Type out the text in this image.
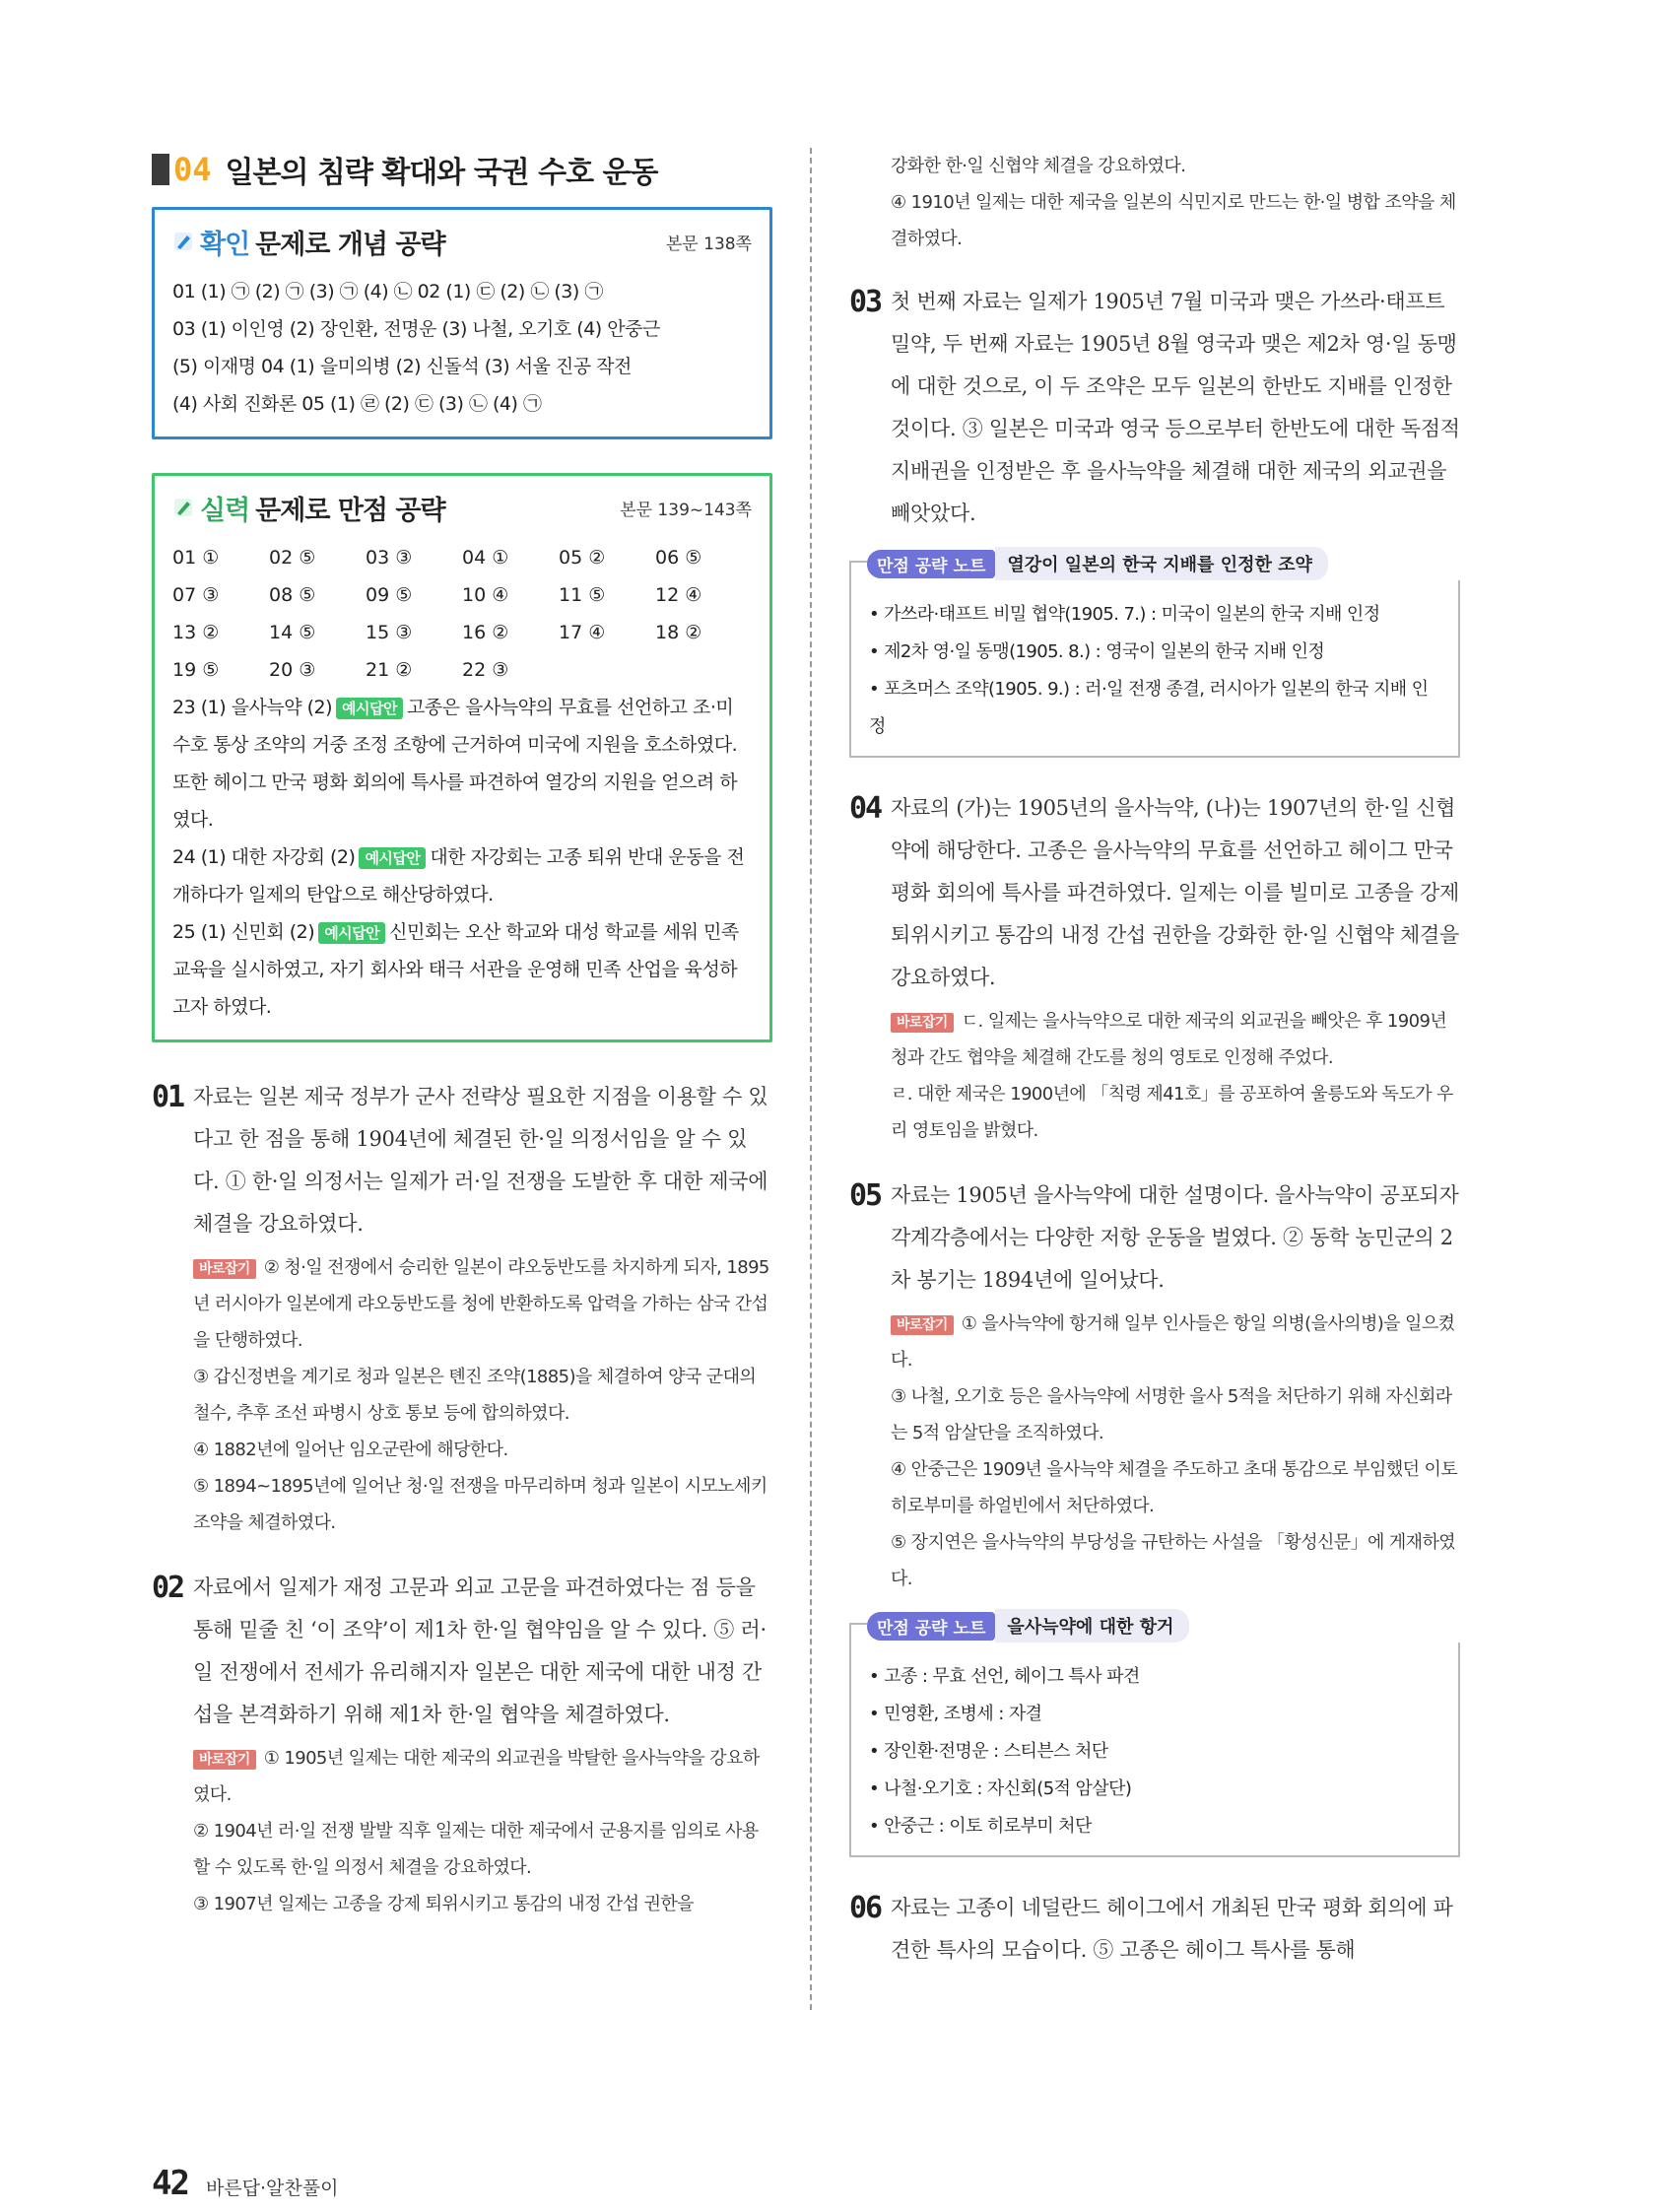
04 일본의 침략 확대와 국권 수호 운동
확인 문제로 개념 공략	본문 138쪽
01 (1) ㉠ (2) ㉠ (3) ㉠ (4) ㉡ 02 (1) ㉢ (2) ㉡ (3) ㉠
03 (1) 이인영 (2) 장인환, 전명운 (3) 나철, 오기호 (4) 안중근
(5) 이재명 04 (1) 을미의병 (2) 신돌석 (3) 서울 진공 작전
(4) 사회 진화론 05 (1) ㉣ (2) ㉢ (3) ㉡ (4) ㉠
실력 문제로 만점 공략	본문 139~143쪽
01 ①	02 ⑤	03 ③	04 ①	05 ②	06 ⑤
07 ③	08 ⑤	09 ⑤	10 ④	11 ⑤	12 ④
13 ②	14 ⑤	15 ③	16 ②	17 ④	18 ②
19 ⑤	20 ③	21 ②	22 ③
23 (1) 을사늑약 (2) 예시답안 고종은 을사늑약의 무효를 선언하고 조·미 수호 통상 조약의 거중 조정 조항에 근거하여 미국에 지원을 호소하였다. 또한 헤이그 만국 평화 회의에 특사를 파견하여 열강의 지원을 얻으려 하였다.
24 (1) 대한 자강회 (2) 예시답안 대한 자강회는 고종 퇴위 반대 운동을 전개하다가 일제의 탄압으로 해산당하였다.
25 (1) 신민회 (2) 예시답안 신민회는 오산 학교와 대성 학교를 세워 민족 교육을 실시하였고, 자기 회사와 태극 서관을 운영해 민족 산업을 육성하고자 하였다.
01 자료는 일본 제국 정부가 군사 전략상 필요한 지점을 이용할 수 있다고 한 점을 통해 1904년에 체결된 한·일 의정서임을 알 수 있다. ① 한·일 의정서는 일제가 러·일 전쟁을 도발한 후 대한 제국에 체결을 강요하였다.

바로잡기 ② 청·일 전쟁에서 승리한 일본이 랴오둥반도를 차지하게 되자, 1895년 러시아가 일본에게 랴오둥반도를 청에 반환하도록 압력을 가하는 삼국 간섭을 단행하였다.

③ 갑신정변을 계기로 청과 일본은 톈진 조약(1885)을 체결하여 양국 군대의 철수, 추후 조선 파병시 상호 통보 등에 합의하였다.

④ 1882년에 일어난 임오군란에 해당한다.

⑤ 1894~1895년에 일어난 청·일 전쟁을 마무리하며 청과 일본이 시모노세키 조약을 체결하였다.

02 자료에서 일제가 재정 고문과 외교 고문을 파견하였다는 점 등을 통해 밑줄 친 ‘이 조약’이 제1차 한·일 협약임을 알 수 있다. ⑤ 러·일 전쟁에서 전세가 유리해지자 일본은 대한 제국에 대한 내정 간섭을 본격화하기 위해 제1차 한·일 협약을 체결하였다.

바로잡기 ① 1905년 일제는 대한 제국의 외교권을 박탈한 을사늑약을 강요하였다.

② 1904년 러·일 전쟁 발발 직후 일제는 대한 제국에서 군용지를 임의로 사용할 수 있도록 한·일 의정서 체결을 강요하였다.

③ 1907년 일제는 고종을 강제 퇴위시키고 통감의 내정 간섭 권한을

강화한 한·일 신협약 체결을 강요하였다.

④ 1910년 일제는 대한 제국을 일본의 식민지로 만드는 한·일 병합 조약을 체결하였다.

03 첫 번째 자료는 일제가 1905년 7월 미국과 맺은 가쓰라·태프트 밀약, 두 번째 자료는 1905년 8월 영국과 맺은 제2차 영·일 동맹에 대한 것으로, 이 두 조약은 모두 일본의 한반도 지배를 인정한 것이다. ③ 일본은 미국과 영국 등으로부터 한반도에 대한 독점적 지배권을 인정받은 후 을사늑약을 체결해 대한 제국의 외교권을 빼앗았다.
만점 공략 노트	열강이 일본의 한국 지배를 인정한 조약
• 가쓰라·태프트 비밀 협약(1905. 7.) : 미국이 일본의 한국 지배 인정
• 제2차 영·일 동맹(1905. 8.) : 영국이 일본의 한국 지배 인정
• 포츠머스 조약(1905. 9.) : 러·일 전쟁 종결, 러시아가 일본의 한국 지배 인정
04 자료의 (가)는 1905년의 을사늑약, (나)는 1907년의 한·일 신협약에 해당한다. 고종은 을사늑약의 무효를 선언하고 헤이그 만국 평화 회의에 특사를 파견하였다. 일제는 이를 빌미로 고종을 강제 퇴위시키고 통감의 내정 간섭 권한을 강화한 한·일 신협약 체결을 강요하였다.

바로잡기 ㄷ. 일제는 을사늑약으로 대한 제국의 외교권을 빼앗은 후 1909년 청과 간도 협약을 체결해 간도를 청의 영토로 인정해 주었다.

ㄹ. 대한 제국은 1900년에 「칙령 제41호」를 공포하여 울릉도와 독도가 우리 영토임을 밝혔다.

05 자료는 1905년 을사늑약에 대한 설명이다. 을사늑약이 공포되자 각계각층에서는 다양한 저항 운동을 벌였다. ② 동학 농민군의 2차 봉기는 1894년에 일어났다.

바로잡기 ① 을사늑약에 항거해 일부 인사들은 항일 의병(을사의병)을 일으켰다.

③ 나철, 오기호 등은 을사늑약에 서명한 을사 5적을 처단하기 위해 자신회라는 5적 암살단을 조직하였다.

④ 안중근은 1909년 을사늑약 체결을 주도하고 초대 통감으로 부임했던 이토 히로부미를 하얼빈에서 처단하였다.

⑤ 장지연은 을사늑약의 부당성을 규탄하는 사설을 「황성신문」에 게재하였다.

만점 공략 노트	을사늑약에 대한 항거
• 고종 : 무효 선언, 헤이그 특사 파견
• 민영환, 조병세 : 자결
• 장인환·전명운 : 스티븐스 처단
• 나철·오기호 : 자신회(5적 암살단)
• 안중근 : 이토 히로부미 처단
06 자료는 고종이 네덜란드 헤이그에서 개최된 만국 평화 회의에 파견한 특사의 모습이다. ⑤ 고종은 헤이그 특사를 통해
42 바른답·알찬풀이
